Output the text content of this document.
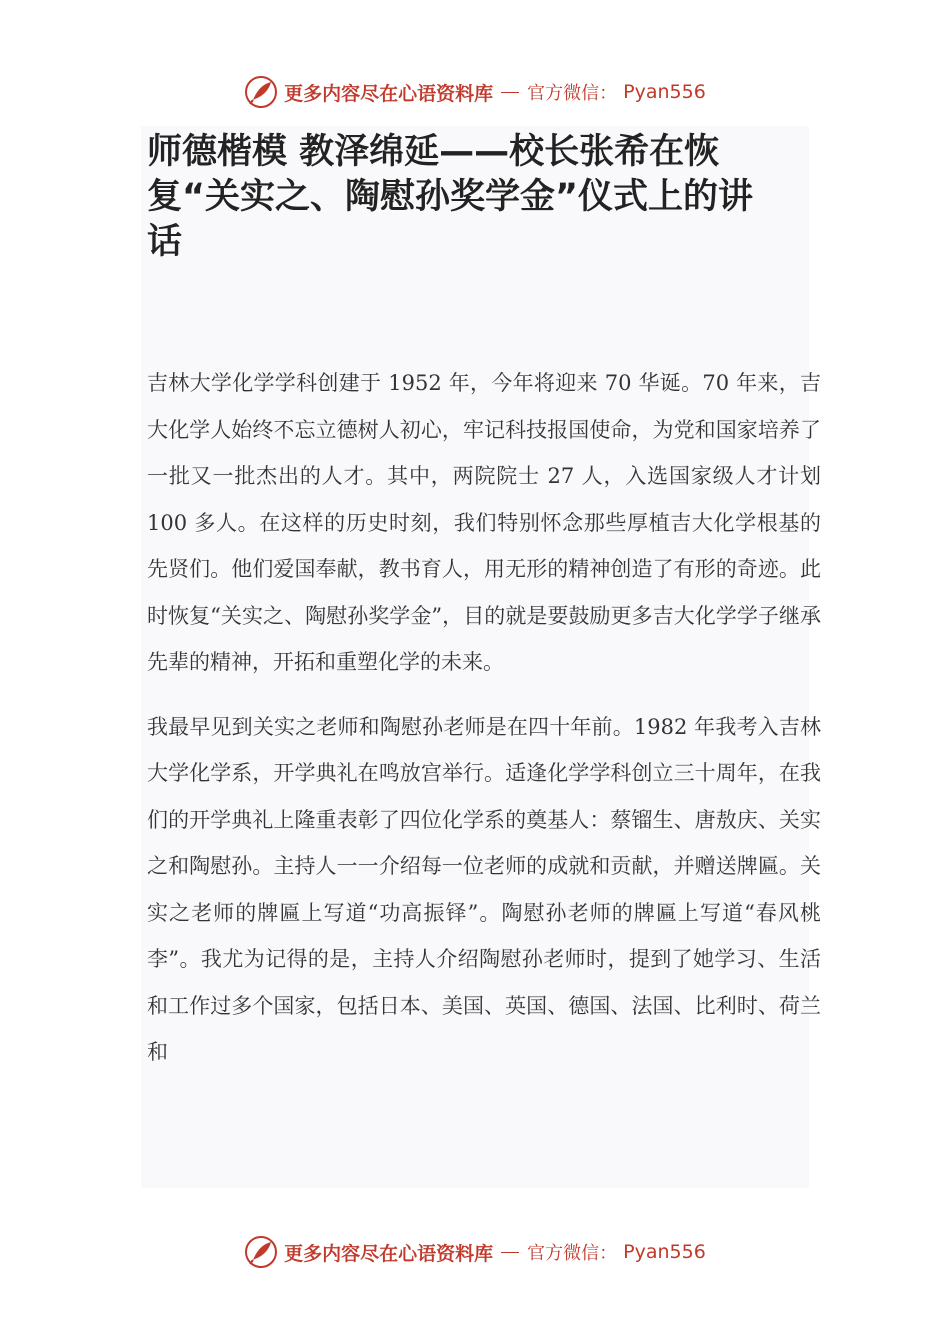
更多内容尽在心语资料库 官方微信： Pyan556
师德楷模 教泽绵延——校长张希在恢复“关实之、陶慰孙奖学金”仪式上的讲话

吉林大学化学学科创建于 1952 年，今年将迎来 70 华诞。70 年来，吉大化学人始终不忘立德树人初心，牢记科技报国使命，为党和国家培养了一批又一批杰出的人才。其中，两院院士 27 人，入选国家级人才计划 100 多人。在这样的历史时刻，我们特别怀念那些厚植吉大化学根基的先贤们。他们爱国奉献，教书育人，用无形的精神创造了有形的奇迹。此时恢复“关实之、陶慰孙奖学金”，目的就是要鼓励更多吉大化学学子继承先辈的精神，开拓和重塑化学的未来。

我最早见到关实之老师和陶慰孙老师是在四十年前。1982 年我考入吉林大学化学系，开学典礼在鸣放宫举行。适逢化学学科创立三十周年，在我们的开学典礼上隆重表彰了四位化学系的奠基人：蔡镏生、唐敖庆、关实之和陶慰孙。主持人一一介绍每一位老师的成就和贡献，并赠送牌匾。关实之老师的牌匾上写道“功高振铎”。陶慰孙老师的牌匾上写道“春风桃李”。我尤为记得的是，主持人介绍陶慰孙老师时，提到了她学习、生活和工作过多个国家，包括日本、美国、英国、德国、法国、比利时、荷兰和

更多内容尽在心语资料库 官方微信： Pyan556
